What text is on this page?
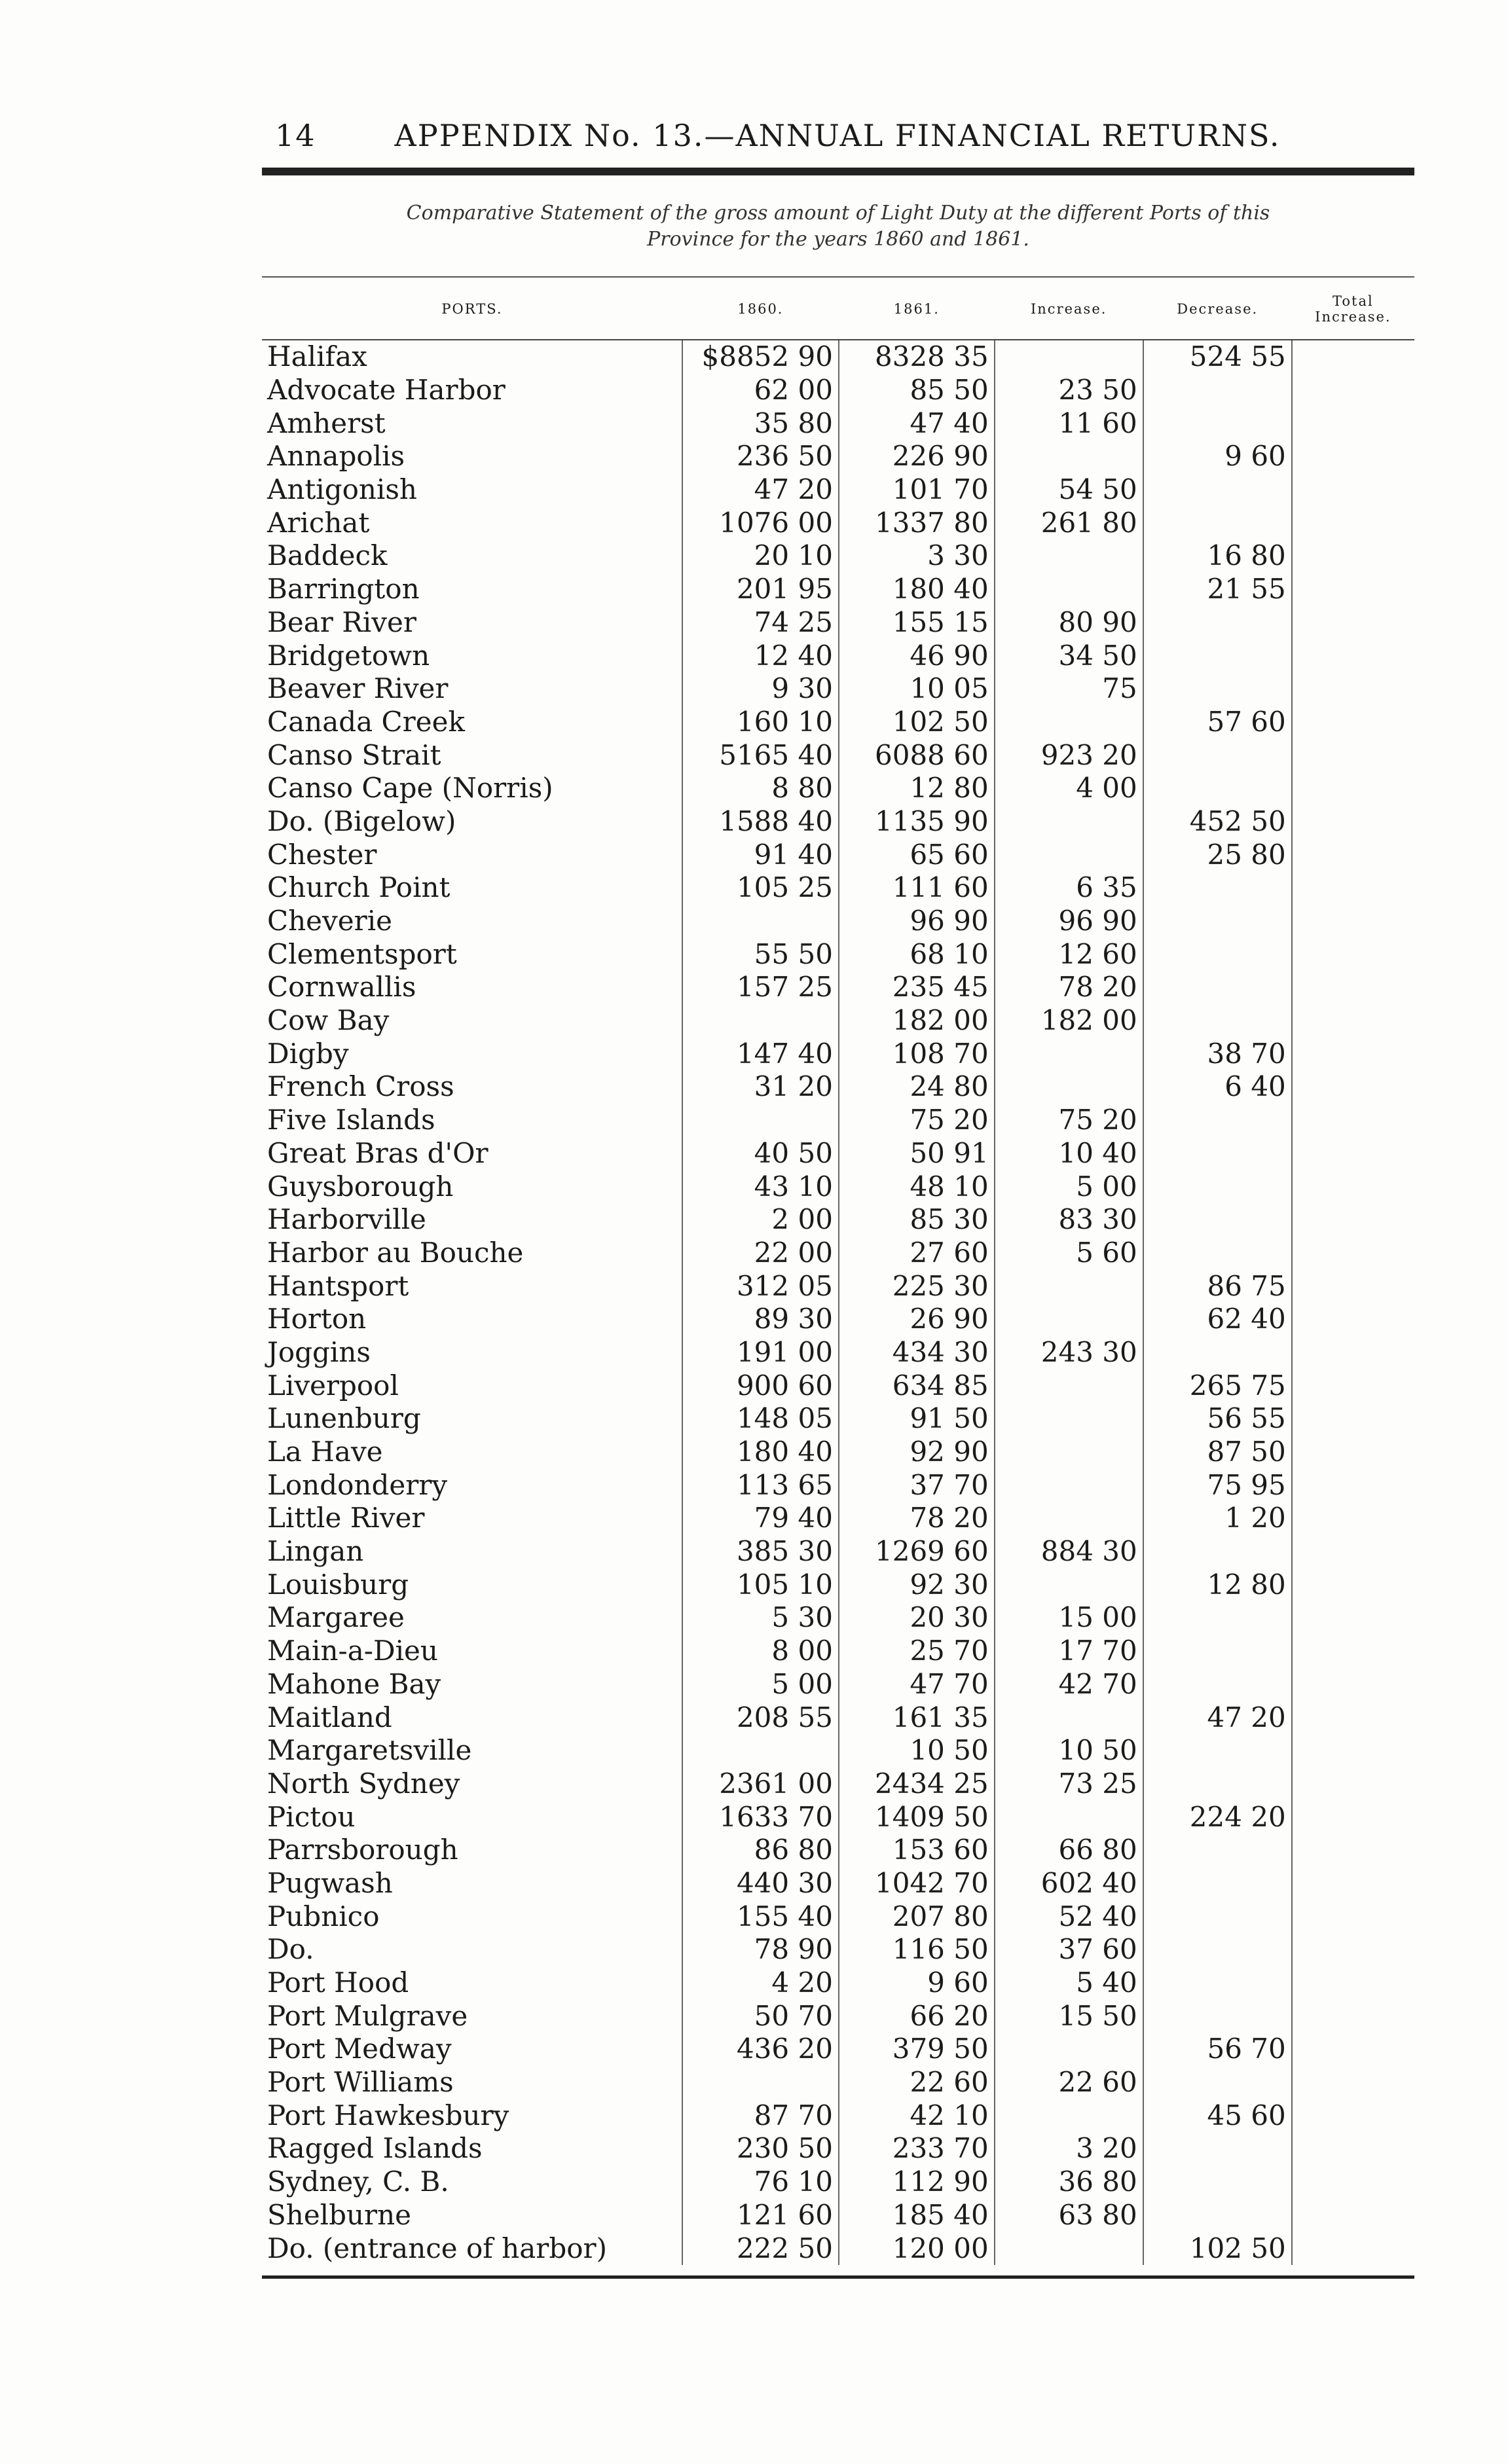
14	APPENDIX No. 13.—ANNUAL FINANCIAL RETURNS.
Comparative Statement of the gross amount of Light Duty at the different Ports of this
Province for the years 1860 and 1861.
PORTS.	1860.	1861.	Increase.	Decrease.	Total Increase.
Halifax	$8852 90	8328 35		524 55	
Advocate Harbor	62 00	85 50	23 50		
Amherst	35 80	47 40	11 60		
Annapolis	236 50	226 90		9 60	
Antigonish	47 20	101 70	54 50		
Arichat	1076 00	1337 80	261 80		
Baddeck	20 10	3 30		16 80	
Barrington	201 95	180 40		21 55	
Bear River	74 25	155 15	80 90		
Bridgetown	12 40	46 90	34 50		
Beaver River	9 30	10 05	75		
Canada Creek	160 10	102 50		57 60	
Canso Strait	5165 40	6088 60	923 20		
Canso Cape (Norris)	8 80	12 80	4 00		
Do. (Bigelow)	1588 40	1135 90		452 50	
Chester	91 40	65 60		25 80	
Church Point	105 25	111 60	6 35		
Cheverie		96 90	96 90		
Clementsport	55 50	68 10	12 60		
Cornwallis	157 25	235 45	78 20		
Cow Bay		182 00	182 00		
Digby	147 40	108 70		38 70	
French Cross	31 20	24 80		6 40	
Five Islands		75 20	75 20		
Great Bras d'Or	40 50	50 91	10 40		
Guysborough	43 10	48 10	5 00		
Harborville	2 00	85 30	83 30		
Harbor au Bouche	22 00	27 60	5 60		
Hantsport	312 05	225 30		86 75	
Horton	89 30	26 90		62 40	
Joggins	191 00	434 30	243 30		
Liverpool	900 60	634 85		265 75	
Lunenburg	148 05	91 50		56 55	
La Have	180 40	92 90		87 50	
Londonderry	113 65	37 70		75 95	
Little River	79 40	78 20		1 20	
Lingan	385 30	1269 60	884 30		
Louisburg	105 10	92 30		12 80	
Margaree	5 30	20 30	15 00		
Main-a-Dieu	8 00	25 70	17 70		
Mahone Bay	5 00	47 70	42 70		
Maitland	208 55	161 35		47 20	
Margaretsville		10 50	10 50		
North Sydney	2361 00	2434 25	73 25		
Pictou	1633 70	1409 50		224 20	
Parrsborough	86 80	153 60	66 80		
Pugwash	440 30	1042 70	602 40		
Pubnico	155 40	207 80	52 40		
Do.	78 90	116 50	37 60		
Port Hood	4 20	9 60	5 40		
Port Mulgrave	50 70	66 20	15 50		
Port Medway	436 20	379 50		56 70	
Port Williams		22 60	22 60		
Port Hawkesbury	87 70	42 10		45 60	
Ragged Islands	230 50	233 70	3 20		
Sydney, C. B.	76 10	112 90	36 80		
Shelburne	121 60	185 40	63 80		
Do. (entrance of harbor)	222 50	120 00		102 50	
